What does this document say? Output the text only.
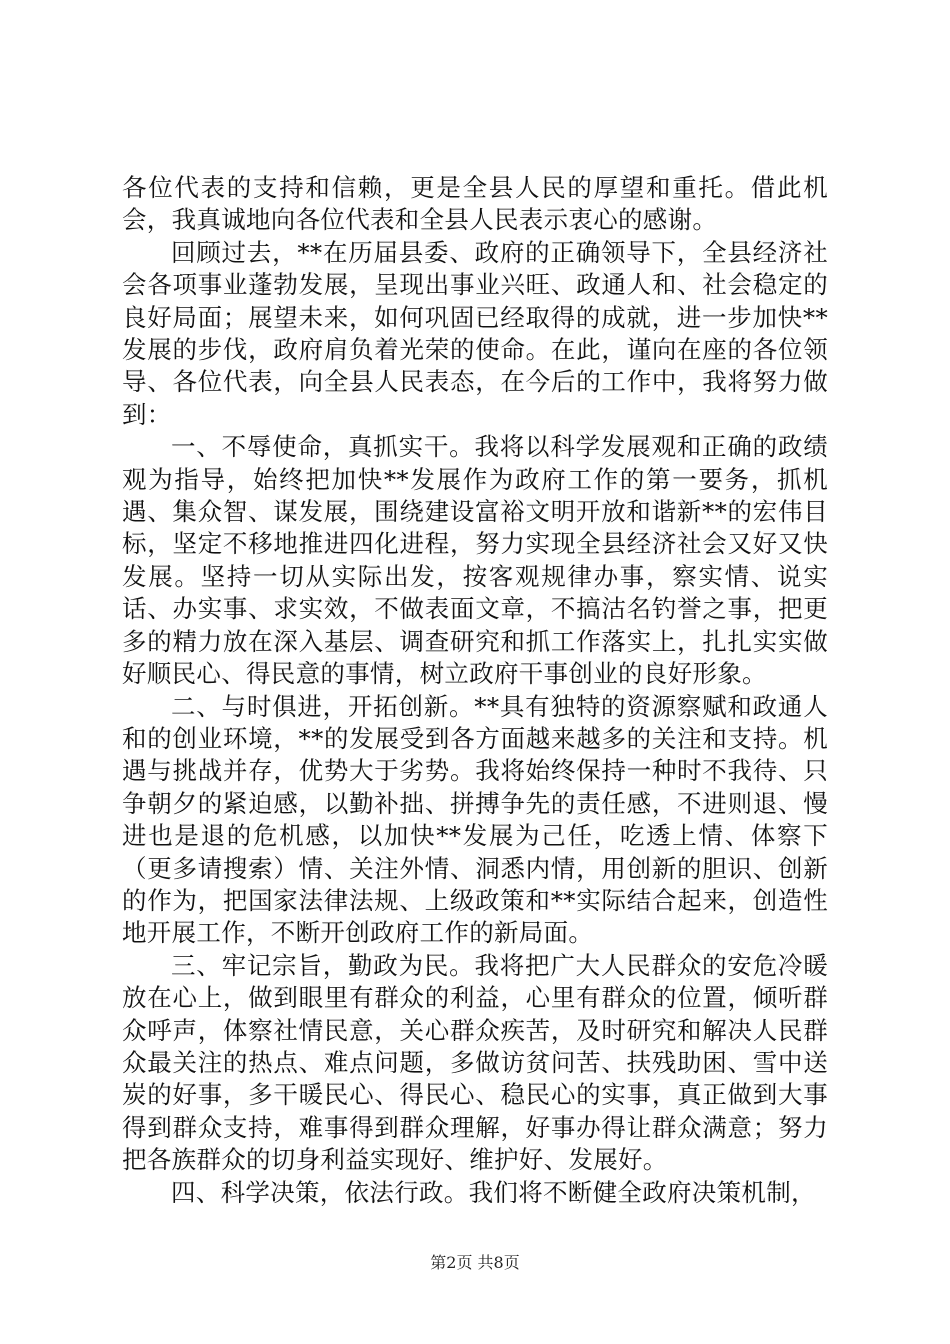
各位代表的支持和信赖，更是全县人民的厚望和重托。借此机会，我真诚地向各位代表和全县人民表示衷心的感谢。

回顾过去，**在历届县委、政府的正确领导下，全县经济社会各项事业蓬勃发展，呈现出事业兴旺、政通人和、社会稳定的良好局面；展望未来，如何巩固已经取得的成就，进一步加快**发展的步伐，政府肩负着光荣的使命。在此，谨向在座的各位领导、各位代表，向全县人民表态，在今后的工作中，我将努力做到：

一、不辱使命，真抓实干。我将以科学发展观和正确的政绩观为指导，始终把加快**发展作为政府工作的第一要务，抓机遇、集众智、谋发展，围绕建设富裕文明开放和谐新**的宏伟目标，坚定不移地推进四化进程，努力实现全县经济社会又好又快发展。坚持一切从实际出发，按客观规律办事，察实情、说实话、办实事、求实效，不做表面文章，不搞沽名钓誉之事，把更多的精力放在深入基层、调查研究和抓工作落实上，扎扎实实做好顺民心、得民意的事情，树立政府干事创业的良好形象。

二、与时俱进，开拓创新。**具有独特的资源察赋和政通人和的创业环境，**的发展受到各方面越来越多的关注和支持。机遇与挑战并存，优势大于劣势。我将始终保持一种时不我待、只争朝夕的紧迫感，以勤补拙、拼搏争先的责任感，不进则退、慢进也是退的危机感，以加快**发展为己任，吃透上情、体察下（更多请搜索）情、关注外情、洞悉内情，用创新的胆识、创新的作为，把国家法律法规、上级政策和**实际结合起来，创造性地开展工作，不断开创政府工作的新局面。

三、牢记宗旨，勤政为民。我将把广大人民群众的安危冷暖放在心上，做到眼里有群众的利益，心里有群众的位置，倾听群众呼声，体察社情民意，关心群众疾苦，及时研究和解决人民群众最关注的热点、难点问题，多做访贫问苦、扶残助困、雪中送炭的好事，多干暖民心、得民心、稳民心的实事，真正做到大事得到群众支持，难事得到群众理解，好事办得让群众满意；努力把各族群众的切身利益实现好、维护好、发展好。

四、科学决策，依法行政。我们将不断健全政府决策机制，

第2页 共8页
